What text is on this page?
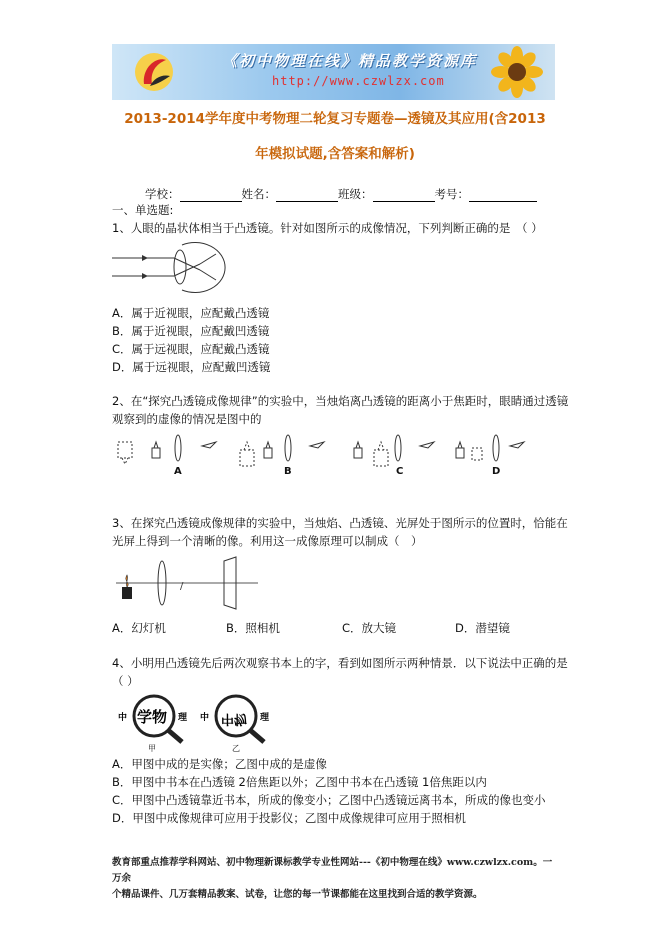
《初中物理在线》精品教学资源库
http://www.czwlzx.com
2013-2014学年度中考物理二轮复习专题卷—透镜及其应用(含2013
年模拟试题,含答案和解析)
学校：	姓名：	班级：	考号：
一、单选题:
1、人眼的晶状体相当于凸透镜。针对如图所示的成像情况，下列判断正确的是　（ ）
A．属于近视眼，应配戴凸透镜
B．属于近视眼，应配戴凹透镜
C．属于远视眼，应配戴凸透镜
D．属于远视眼，应配戴凹透镜
2、在“探究凸透镜成像规律”的实验中，当烛焰离凸透镜的距离小于焦距时，眼睛通过透镜
观察到的虚像的情况是图中的
A	B	C	D
3、在探究凸透镜成像规律的实验中，当烛焰、凸透镜、光屏处于图所示的位置时，恰能在
光屏上得到一个清晰的像。利用这一成像原理可以制成（　）
/
A．幻灯机	B．照相机	C．放大镜	D．潜望镜
4、小明用凸透镜先后两次观察书本上的字，看到如图所示两种情景．以下说法中正确的是
（ ）
中 学物 理 中 中物 理
甲	乙
A．甲图中成的是实像；乙图中成的是虚像
B．甲图中书本在凸透镜 2倍焦距以外；乙图中书本在凸透镜 1倍焦距以内
C．甲图中凸透镜靠近书本，所成的像变小；乙图中凸透镜远离书本，所成的像也变小
D．甲图中成像规律可应用于投影仪；乙图中成像规律可应用于照相机
教育部重点推荐学科网站、初中物理新课标教学专业性网站---《初中物理在线》www.czwlzx.com。一万余
个精品课件、几万套精品教案、试卷，让您的每一节课都能在这里找到合适的教学资源。
